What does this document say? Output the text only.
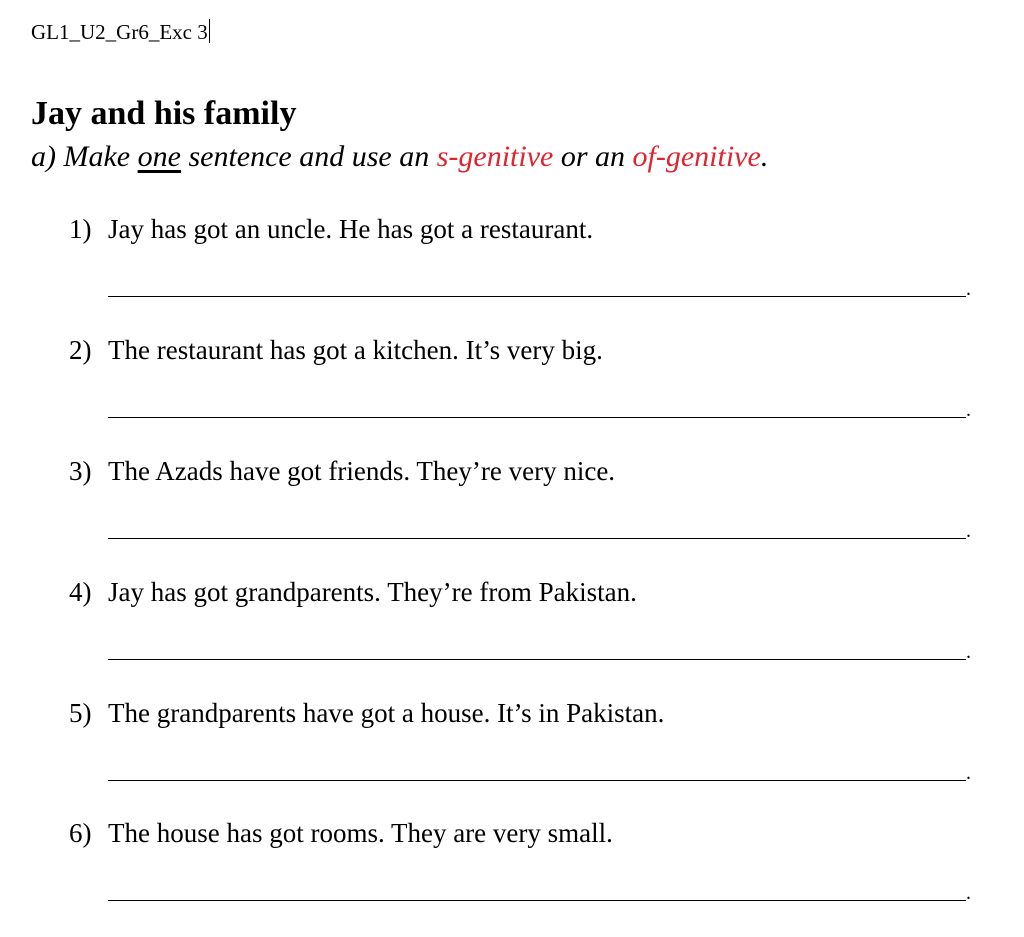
GL1_U2_Gr6_Exc 3
Jay and his family
a) Make one sentence and use an s-genitive or an of-genitive.
1) Jay has got an uncle. He has got a restaurant.
.
2) The restaurant has got a kitchen. It’s very big.
.
3) The Azads have got friends. They’re very nice.
.
4) Jay has got grandparents. They’re from Pakistan.
.
5) The grandparents have got a house. It’s in Pakistan.
.
6) The house has got rooms. They are very small.
.
